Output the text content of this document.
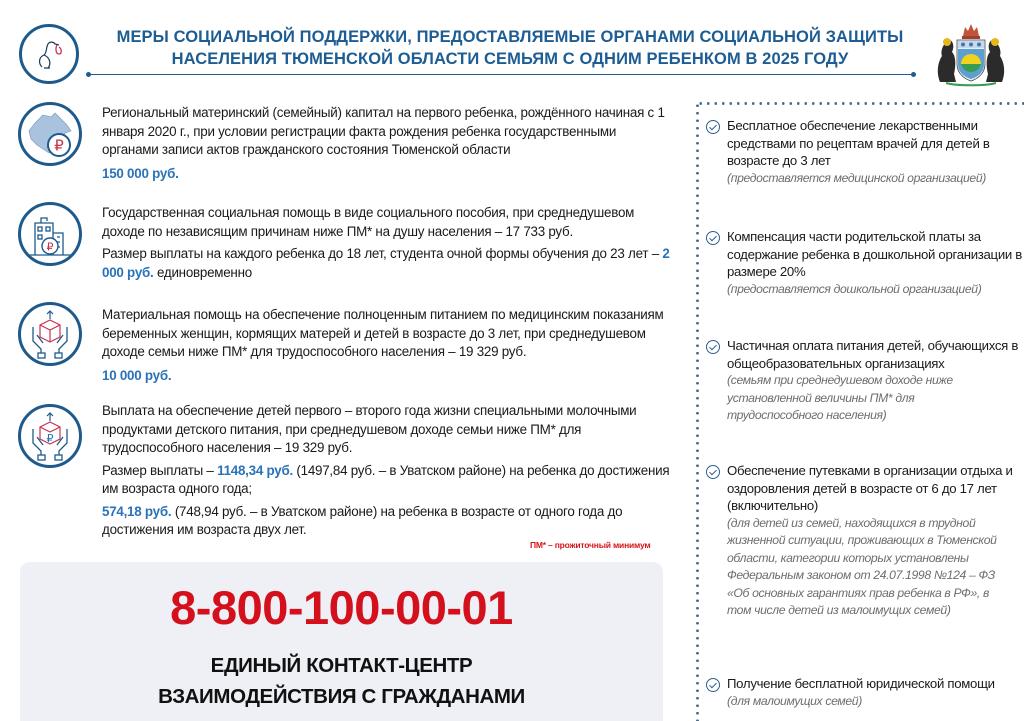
МЕРЫ СОЦИАЛЬНОЙ ПОДДЕРЖКИ, ПРЕДОСТАВЛЯЕМЫЕ ОРГАНАМИ СОЦИАЛЬНОЙ ЗАЩИТЫ
НАСЕЛЕНИЯ ТЮМЕНСКОЙ ОБЛАСТИ СЕМЬЯМ С ОДНИМ РЕБЕНКОМ В 2025 ГОДУ
₽

Региональный материнский (семейный) капитал на первого ребенка, рождённого начиная с 1 января 2020 г., при условии регистрации факта рождения ребенка государственными органами записи актов гражданского состояния Тюменской области

150 000 руб.

₽

Государственная социальная помощь в виде социального пособия, при среднедушевом доходе по независящим причинам ниже ПМ* на душу населения – 17 733 руб.

Размер выплаты на каждого ребенка до 18 лет, студента очной формы обучения до 23 лет – 2 000 руб. единовременно

Материальная помощь на обеспечение полноценным питанием по медицинским показаниям беременных женщин, кормящих матерей и детей в возрасте до 3 лет, при среднедушевом доходе семьи ниже ПМ* для трудоспособного населения – 19 329 руб.

10 000 руб.

₽

Выплата на обеспечение детей первого – второго года жизни специальными молочными продуктами детского питания, при среднедушевом доходе семьи ниже ПМ* для трудоспособного населения – 19 329 руб.

Размер выплаты – 1148,34 руб. (1497,84 руб. – в Уватском районе) на ребенка до достижения им возраста одного года;

574,18 руб. (748,94 руб. – в Уватском районе) на ребенка в возрасте от одного года до достижения им возраста двух лет.

ПМ* – прожиточный минимум
8-800-100-00-01
ЕДИНЫЙ КОНТАКТ-ЦЕНТР
ВЗАИМОДЕЙСТВИЯ С ГРАЖДАНАМИ
Бесплатное обеспечение лекарственными средствами по рецептам врачей для детей в возрасте до 3 лет
(предоставляется медицинской организацией)
Компенсация части родительской платы за содержание ребенка в дошкольной организации в размере 20%
(предоставляется дошкольной организацией)
Частичная оплата питания детей, обучающихся в общеобразовательных организациях
(семьям при среднедушевом доходе ниже установленной величины ПМ* для трудоспособного населения)
Обеспечение путевками в организации отдыха и оздоровления детей в возрасте от 6 до 17 лет (включительно)
(для детей из семей, находящихся в трудной жизненной ситуации, проживающих в Тюменской области, категории которых установлены Федеральным законом от 24.07.1998 №124 – ФЗ «Об основных гарантиях прав ребенка в РФ», в том числе детей из малоимущих семей)
Получение бесплатной юридической помощи
(для малоимущих семей)
